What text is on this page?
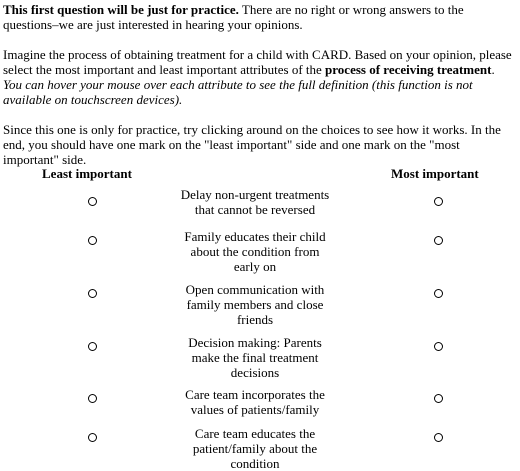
This first question will be just for practice. There are no right or wrong answers to the questions–we are just interested in hearing your opinions.

Imagine the process of obtaining treatment for a child with CARD. Based on your opinion, please select the most important and least important attributes of the process of receiving treatment. You can hover your mouse over each attribute to see the full definition (this function is not available on touchscreen devices).

Since this one is only for practice, try clicking around on the choices to see how it works. In the end, you should have one mark on the "least important" side and one mark on the "most important" side.

Least important	Most important
Delay non-urgent treatments that cannot be reversed
Family educates their child about the condition from early on
Open communication with family members and close friends
Decision making: Parents make the final treatment decisions
Care team incorporates the values of patients/family
Care team educates the patient/family about the condition
